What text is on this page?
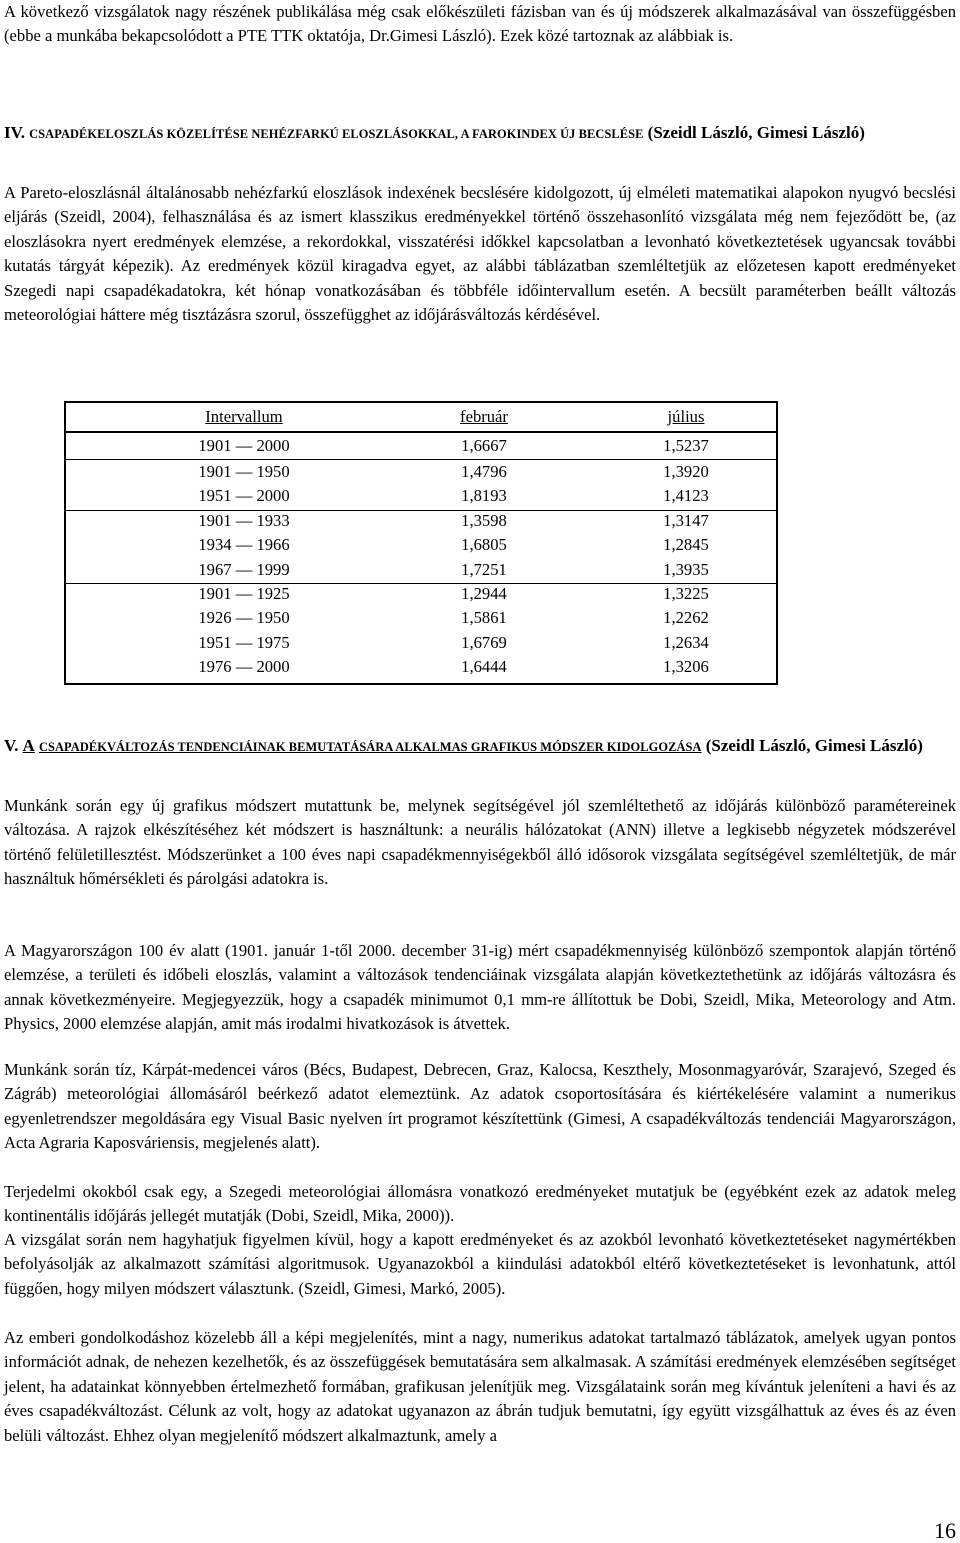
A következő vizsgálatok nagy részének publikálása még csak előkészületi fázisban van és új módszerek alkalmazásával van összefüggésben (ebbe a munkába bekapcsolódott a PTE TTK oktatója, Dr.Gimesi László). Ezek közé tartoznak az alábbiak is.

IV. CSAPADÉKELOSZLÁS KÖZELÍTÉSE NEHÉZFARKÚ ELOSZLÁSOKKAL, A FAROKINDEX ÚJ BECSLÉSE (Szeidl László, Gimesi László)

A Pareto-eloszlásnál általánosabb nehézfarkú eloszlások indexének becslésére kidolgozott, új elméleti matematikai alapokon nyugvó becslési eljárás (Szeidl, 2004), felhasználása és az ismert klasszikus eredményekkel történő összehasonlító vizsgálata még nem fejeződött be, (az eloszlásokra nyert eredmények elemzése, a rekordokkal, visszatérési időkkel kapcsolatban a levonható következtetések ugyancsak további kutatás tárgyát képezik). Az eredmények közül kiragadva egyet, az alábbi táblázatban szemléltetjük az előzetesen kapott eredményeket Szegedi napi csapadékadatokra, két hónap vonatkozásában és többféle időintervallum esetén. A becsült paraméterben beállt változás meteorológiai háttere még tisztázásra szorul, összefügghet az időjárásváltozás kérdésével.

Intervallum	február	július
1901 — 2000	1,6667	1,5237
1901 — 1950	1,4796	1,3920
1951 — 2000	1,8193	1,4123
1901 — 1933	1,3598	1,3147
1934 — 1966	1,6805	1,2845
1967 — 1999	1,7251	1,3935
1901 — 1925	1,2944	1,3225
1926 — 1950	1,5861	1,2262
1951 — 1975	1,6769	1,2634
1976 — 2000	1,6444	1,3206

V. A CSAPADÉKVÁLTOZÁS TENDENCIÁINAK BEMUTATÁSÁRA ALKALMAS GRAFIKUS MÓDSZER KIDOLGOZÁSA (Szeidl László, Gimesi László)

Munkánk során egy új grafikus módszert mutattunk be, melynek segítségével jól szemléltethető az időjárás különböző paramétereinek változása. A rajzok elkészítéséhez két módszert is használtunk: a neurális hálózatokat (ANN) illetve a legkisebb négyzetek módszerével történő felületillesztést. Módszerünket a 100 éves napi csapadékmennyiségekből álló idősorok vizsgálata segítségével szemléltetjük, de már használtuk hőmérsékleti és párolgási adatokra is.

A Magyarországon 100 év alatt (1901. január 1-től 2000. december 31-ig) mért csapadékmennyiség különböző szempontok alapján történő elemzése, a területi és időbeli eloszlás, valamint a változások tendenciáinak vizsgálata alapján következtethetünk az időjárás változásra és annak következményeire. Megjegyezzük, hogy a csapadék minimumot 0,1 mm-re állítottuk be Dobi, Szeidl, Mika, Meteorology and Atm. Physics, 2000 elemzése alapján, amit más irodalmi hivatkozások is átvettek.

Munkánk során tíz, Kárpát-medencei város (Bécs, Budapest, Debrecen, Graz, Kalocsa, Keszthely, Mosonmagyaróvár, Szarajevó, Szeged és Zágráb) meteorológiai állomásáról beérkező adatot elemeztünk. Az adatok csoportosítására és kiértékelésére valamint a numerikus egyenletrendszer megoldására egy Visual Basic nyelven írt programot készítettünk (Gimesi, A csapadékváltozás tendenciái Magyarországon, Acta Agraria Kaposváriensis, megjelenés alatt).

Terjedelmi okokból csak egy, a Szegedi meteorológiai állomásra vonatkozó eredményeket mutatjuk be (egyébként ezek az adatok meleg kontinentális időjárás jellegét mutatják (Dobi, Szeidl, Mika, 2000)).

A vizsgálat során nem hagyhatjuk figyelmen kívül, hogy a kapott eredményeket és az azokból levonható következtetéseket nagymértékben befolyásolják az alkalmazott számítási algoritmusok. Ugyanazokból a kiindulási adatokból eltérő következtetéseket is levonhatunk, attól függően, hogy milyen módszert választunk. (Szeidl, Gimesi, Markó, 2005).

Az emberi gondolkodáshoz közelebb áll a képi megjelenítés, mint a nagy, numerikus adatokat tartalmazó táblázatok, amelyek ugyan pontos információt adnak, de nehezen kezelhetők, és az összefüggések bemutatására sem alkalmasak. A számítási eredmények elemzésében segítséget jelent, ha adatainkat könnyebben értelmezhető formában, grafikusan jelenítjük meg. Vizsgálataink során meg kívántuk jeleníteni a havi és az éves csapadékváltozást. Célunk az volt, hogy az adatokat ugyanazon az ábrán tudjuk bemutatni, így együtt vizsgálhattuk az éves és az éven belüli változást. Ehhez olyan megjelenítő módszert alkalmaztunk, amely a

16
